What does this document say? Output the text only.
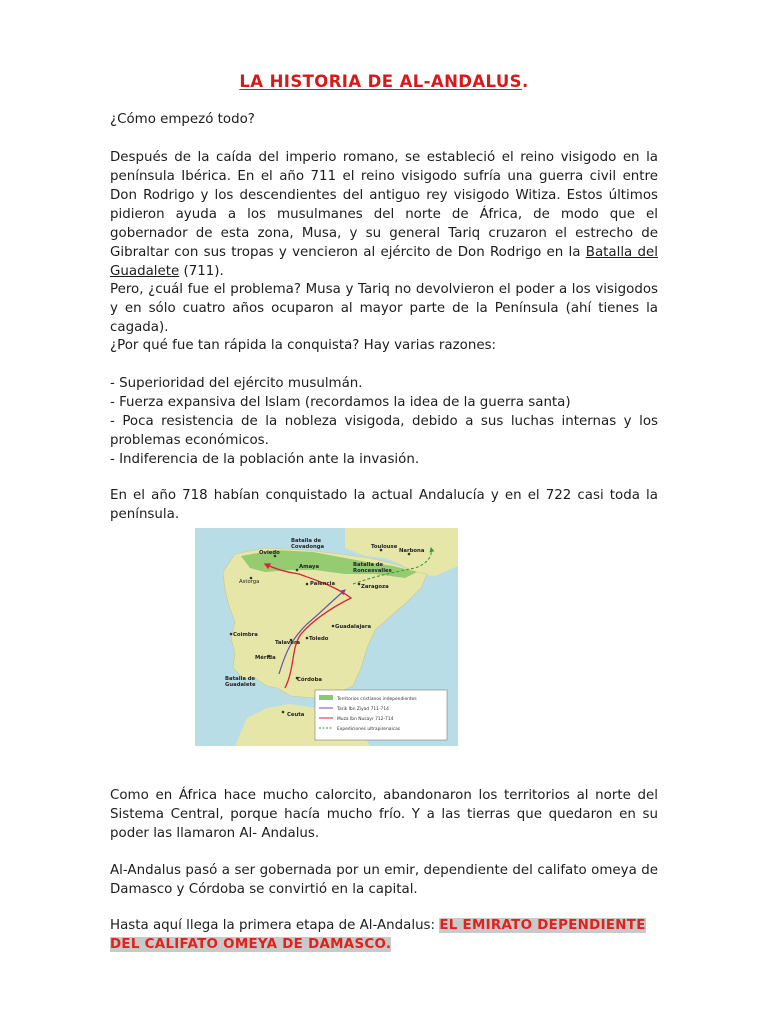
LA HISTORIA DE AL-ANDALUS.
¿Cómo empezó todo?
Después de la caída del imperio romano, se estableció el reino visigodo en la península Ibérica. En el año 711 el reino visigodo sufría una guerra civil entre Don Rodrigo y los descendientes del antiguo rey visigodo Witiza. Estos últimos pidieron ayuda a los musulmanes del norte de África, de modo que el gobernador de esta zona, Musa, y su general Tariq cruzaron el estrecho de Gibraltar con sus tropas y vencieron al ejército de Don Rodrigo en la Batalla del Guadalete (711).
Pero, ¿cuál fue el problema? Musa y Tariq no devolvieron el poder a los visigodos y en sólo cuatro años ocuparon al mayor parte de la Península (ahí tienes la cagada).
¿Por qué fue tan rápida la conquista? Hay varias razones:
- Superioridad del ejército musulmán.
- Fuerza expansiva del Islam (recordamos la idea de la guerra santa)
- Poca resistencia de la nobleza visigoda, debido a sus luchas internas y los problemas económicos.
- Indiferencia de la población ante la invasión.
En el año 718 habían conquistado la actual Andalucía y en el 722 casi toda la península.
Oviedo
Astorga
Amaya
Palencia	Zaragoza
Toulouse
Narbona
Coimbra
Guadalajara
Talavera
Toledo
Mérida
Córdoba
Ceuta
Batalla de
Covadonga
Batalla de
Roncesvalles
Batalla de
Guadalete
Territorios cristianos independientes
Tarik Ibn Ziyad 711-714
Muza Ibn Nusayr 712-714
Expediciones ultrapirenaicas
Como en África hace mucho calorcito, abandonaron los territorios al norte del Sistema Central, porque hacía mucho frío. Y a las tierras que quedaron en su poder las llamaron Al- Andalus.
Al-Andalus pasó a ser gobernada por un emir, dependiente del califato omeya de Damasco y Córdoba se convirtió en la capital.
Hasta aquí llega la primera etapa de Al-Andalus: EL EMIRATO DEPENDIENTE
DEL CALIFATO OMEYA DE DAMASCO.
